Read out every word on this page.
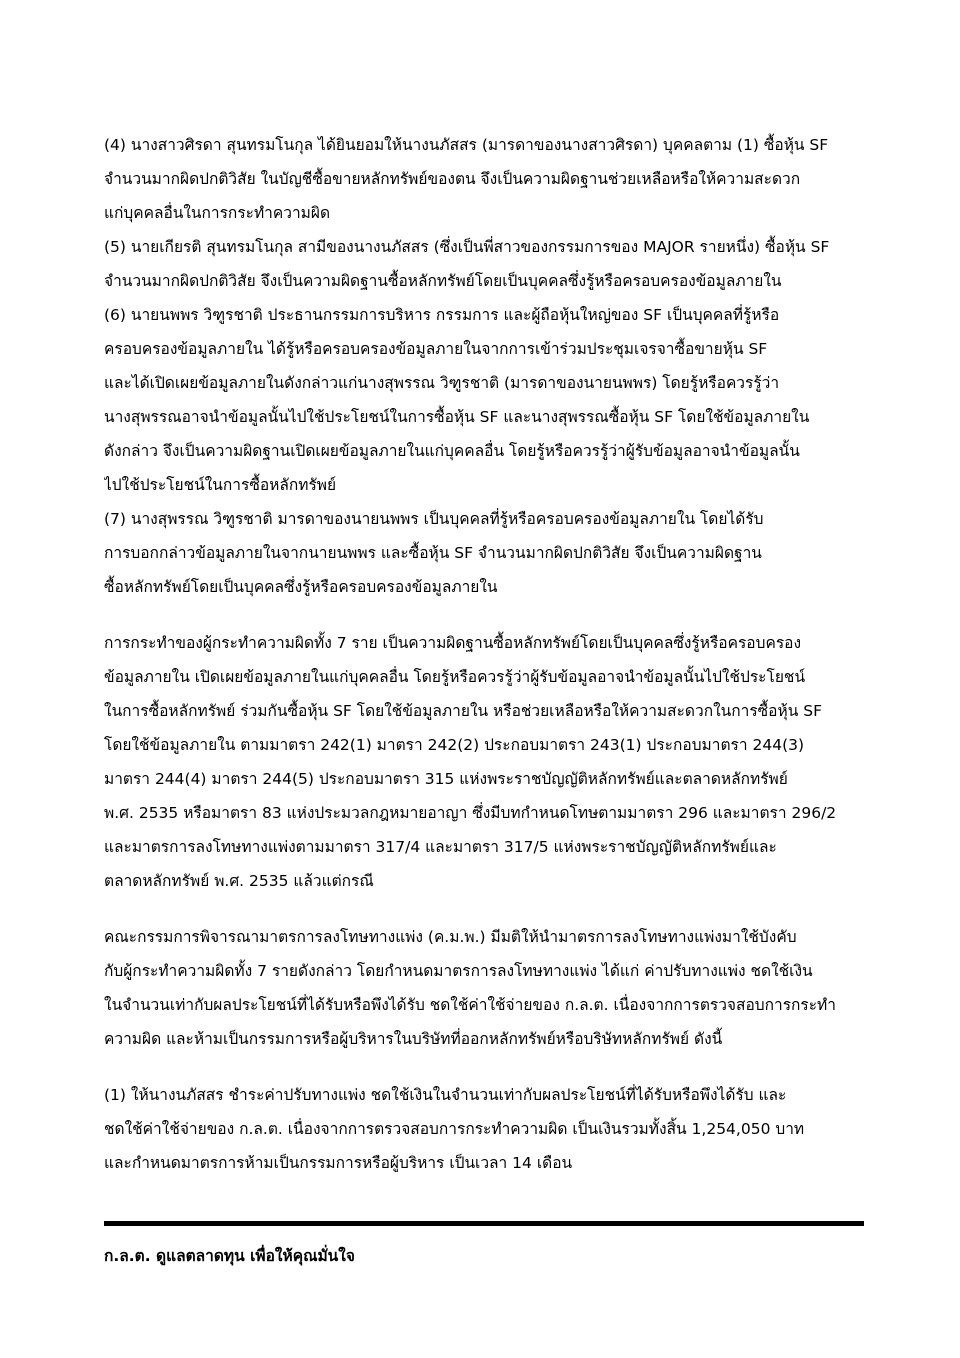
(4) นางสาวศิรดา สุนทรมโนกุล ได้ยินยอมให้นางนภัสสร (มารดาของนางสาวศิรดา) บุคคลตาม (1) ซื้อหุ้น SF
จำนวนมากผิดปกติวิสัย ในบัญชีซื้อขายหลักทรัพย์ของตน จึงเป็นความผิดฐานช่วยเหลือหรือให้ความสะดวก
แก่บุคคลอื่นในการกระทำความผิด
(5) นายเกียรติ สุนทรมโนกุล สามีของนางนภัสสร (ซึ่งเป็นพี่สาวของกรรมการของ MAJOR รายหนึ่ง) ซื้อหุ้น SF
จำนวนมากผิดปกติวิสัย จึงเป็นความผิดฐานซื้อหลักทรัพย์โดยเป็นบุคคลซึ่งรู้หรือครอบครองข้อมูลภายใน
(6) นายนพพร วิฑูรชาติ ประธานกรรมการบริหาร กรรมการ และผู้ถือหุ้นใหญ่ของ SF เป็นบุคคลที่รู้หรือ
ครอบครองข้อมูลภายใน ได้รู้หรือครอบครองข้อมูลภายในจากการเข้าร่วมประชุมเจรจาซื้อขายหุ้น SF
และได้เปิดเผยข้อมูลภายในดังกล่าวแก่นางสุพรรณ วิฑูรชาติ (มารดาของนายนพพร) โดยรู้หรือควรรู้ว่า
นางสุพรรณอาจนำข้อมูลนั้นไปใช้ประโยชน์ในการซื้อหุ้น SF และนางสุพรรณซื้อหุ้น SF โดยใช้ข้อมูลภายใน
ดังกล่าว จึงเป็นความผิดฐานเปิดเผยข้อมูลภายในแก่บุคคลอื่น โดยรู้หรือควรรู้ว่าผู้รับข้อมูลอาจนำข้อมูลนั้น
ไปใช้ประโยชน์ในการซื้อหลักทรัพย์
(7) นางสุพรรณ วิฑูรชาติ มารดาของนายนพพร เป็นบุคคลที่รู้หรือครอบครองข้อมูลภายใน โดยได้รับ
การบอกกล่าวข้อมูลภายในจากนายนพพร และซื้อหุ้น SF จำนวนมากผิดปกติวิสัย จึงเป็นความผิดฐาน
ซื้อหลักทรัพย์โดยเป็นบุคคลซึ่งรู้หรือครอบครองข้อมูลภายใน
การกระทำของผู้กระทำความผิดทั้ง 7 ราย เป็นความผิดฐานซื้อหลักทรัพย์โดยเป็นบุคคลซึ่งรู้หรือครอบครอง
ข้อมูลภายใน เปิดเผยข้อมูลภายในแก่บุคคลอื่น โดยรู้หรือควรรู้ว่าผู้รับข้อมูลอาจนำข้อมูลนั้นไปใช้ประโยชน์
ในการซื้อหลักทรัพย์ ร่วมกันซื้อหุ้น SF โดยใช้ข้อมูลภายใน หรือช่วยเหลือหรือให้ความสะดวกในการซื้อหุ้น SF
โดยใช้ข้อมูลภายใน ตามมาตรา 242(1) มาตรา 242(2) ประกอบมาตรา 243(1) ประกอบมาตรา 244(3)
มาตรา 244(4) มาตรา 244(5) ประกอบมาตรา 315 แห่งพระราชบัญญัติหลักทรัพย์และตลาดหลักทรัพย์
พ.ศ. 2535 หรือมาตรา 83 แห่งประมวลกฎหมายอาญา ซึ่งมีบทกำหนดโทษตามมาตรา 296 และมาตรา 296/2
และมาตรการลงโทษทางแพ่งตามมาตรา 317/4 และมาตรา 317/5 แห่งพระราชบัญญัติหลักทรัพย์และ
ตลาดหลักทรัพย์ พ.ศ. 2535 แล้วแต่กรณี
คณะกรรมการพิจารณามาตรการลงโทษทางแพ่ง (ค.ม.พ.) มีมติให้นำมาตรการลงโทษทางแพ่งมาใช้บังคับ
กับผู้กระทำความผิดทั้ง 7 รายดังกล่าว โดยกำหนดมาตรการลงโทษทางแพ่ง ได้แก่ ค่าปรับทางแพ่ง ชดใช้เงิน
ในจำนวนเท่ากับผลประโยชน์ที่ได้รับหรือพึงได้รับ ชดใช้ค่าใช้จ่ายของ ก.ล.ต. เนื่องจากการตรวจสอบการกระทำ
ความผิด และห้ามเป็นกรรมการหรือผู้บริหารในบริษัทที่ออกหลักทรัพย์หรือบริษัทหลักทรัพย์ ดังนี้
(1) ให้นางนภัสสร ชำระค่าปรับทางแพ่ง ชดใช้เงินในจำนวนเท่ากับผลประโยชน์ที่ได้รับหรือพึงได้รับ และ
ชดใช้ค่าใช้จ่ายของ ก.ล.ต. เนื่องจากการตรวจสอบการกระทำความผิด เป็นเงินรวมทั้งสิ้น 1,254,050 บาท
และกำหนดมาตรการห้ามเป็นกรรมการหรือผู้บริหาร เป็นเวลา 14 เดือน
ก.ล.ต. ดูแลตลาดทุน เพื่อให้คุณมั่นใจ
